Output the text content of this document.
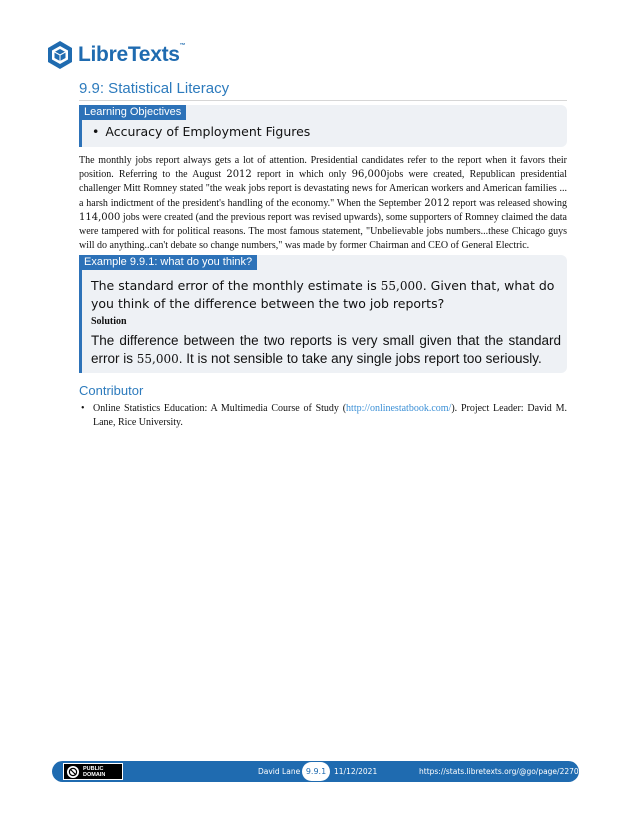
LibreTexts™
9.9: Statistical Literacy
Learning Objectives
• Accuracy of Employment Figures

The monthly jobs report always gets a lot of attention. Presidential candidates refer to the report when it favors their position. Referring to the August 2012 report in which only 96,000jobs were created, Republican presidential challenger Mitt Romney stated "the weak jobs report is devastating news for American workers and American families ... a harsh indictment of the president's handling of the economy." When the September 2012 report was released showing 114,000 jobs were created (and the previous report was revised upwards), some supporters of Romney claimed the data were tampered with for political reasons. The most famous statement, "Unbelievable jobs numbers...these Chicago guys will do anything..can't debate so change numbers," was made by former Chairman and CEO of General Electric.

Example 9.9.1: what do you think?

The standard error of the monthly estimate is 55,000. Given that, what do you think of the difference between the two job reports?

Solution

The difference between the two reports is very small given that the standard error is 55,000. It is not sensible to take any single jobs report too seriously.

Contributor
• Online Statistics Education: A Multimedia Course of Study (http://onlinestatbook.com/). Project Leader: David M. Lane, Rice University.
PUBLIC
DOMAIN	David Lane 9.9.1	11/12/2021	https://stats.libretexts.org/@go/page/2270
